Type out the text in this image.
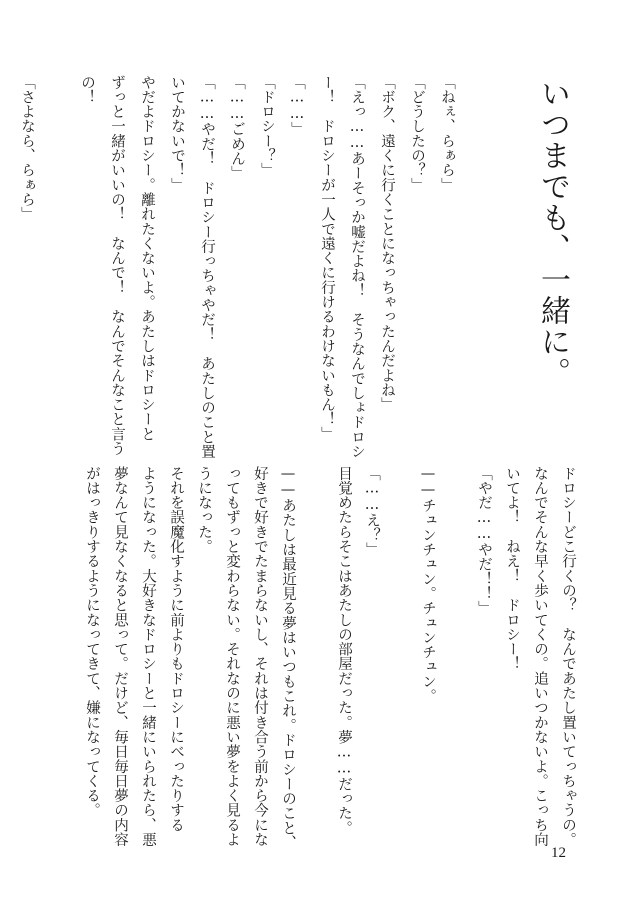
いつまでも、一緒に。
「ねぇ、らぁら」
「どうしたの？」
「ボク、遠くに行くことになっちゃったんだよね」
「えっ……あーそっか嘘だよね！　そうなんでしょドロシ
ー！　ドロシーが一人で遠くに行けるわけないもん！」
「……」
「ドロシー？」
「……ごめん」
「……やだ！　ドロシー行っちゃやだ！　あたしのこと置
いてかないで！」
やだよドロシー。離れたくないよ。あたしはドロシーと
ずっと一緒がいいの！　なんで！　なんでそんなこと言う
の！
「さよなら、らぁら」
ドロシーどこ行くの？　なんであたし置いてっちゃうの。
なんでそんな早く歩いてくの。追いつかないよ。こっち向
いてよ！　ねえ！　ドロシー！
「やだ……やだ！！」
——チュンチュン。チュンチュン。
「……え？」
目覚めたらそこはあたしの部屋だった。夢……だった。
——あたしは最近見る夢はいつもこれ。ドロシーのこと、
好きで好きでたまらないし、それは付き合う前から今にな
ってもずっと変わらない。それなのに悪い夢をよく見るよ
うになった。
それを誤魔化すように前よりもドロシーにべったりする
ようになった。大好きなドロシーと一緒にいられたら、悪
夢なんて見なくなると思って。だけど、毎日毎日夢の内容
がはっきりするようになってきて、嫌になってくる。
12
